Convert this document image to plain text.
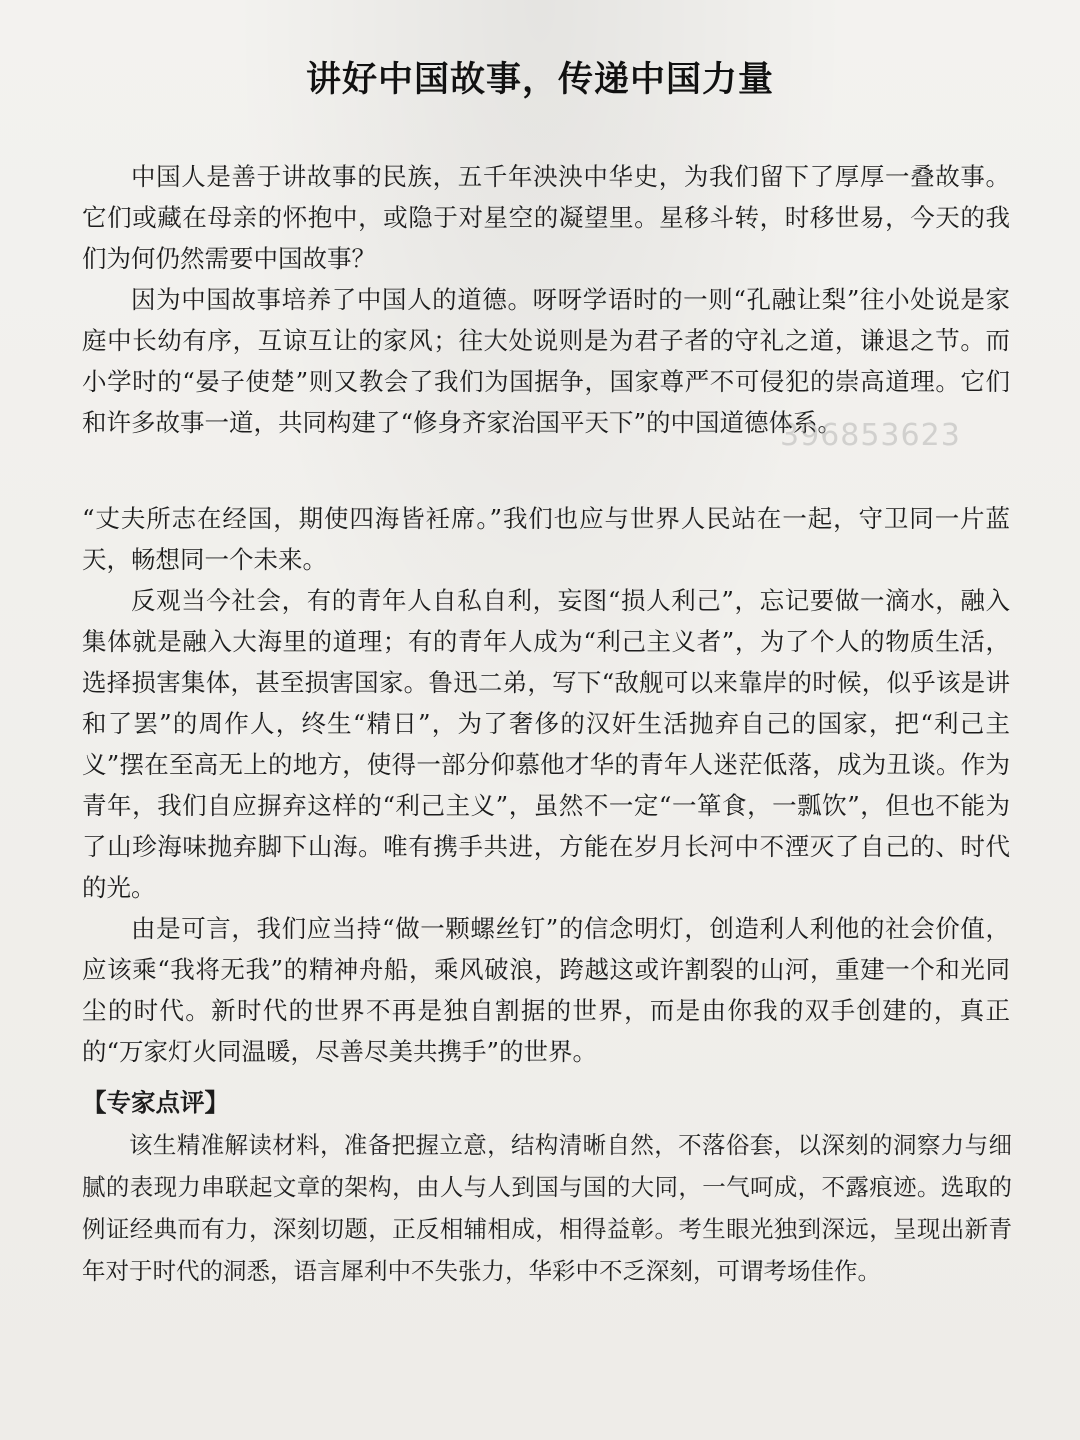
讲好中国故事，传递中国力量

中国人是善于讲故事的民族，五千年泱泱中华史，为我们留下了厚厚一叠故事。它们或藏在母亲的怀抱中，或隐于对星空的凝望里。星移斗转，时移世易，今天的我们为何仍然需要中国故事？

因为中国故事培养了中国人的道德。呀呀学语时的一则“孔融让梨”往小处说是家庭中长幼有序，互谅互让的家风；往大处说则是为君子者的守礼之道，谦退之节。而小学时的“晏子使楚”则又教会了我们为国据争，国家尊严不可侵犯的崇高道理。它们和许多故事一道，共同构建了“修身齐家治国平天下”的中国道德体系。

396853623

“丈夫所志在经国，期使四海皆衽席。”我们也应与世界人民站在一起，守卫同一片蓝天，畅想同一个未来。

反观当今社会，有的青年人自私自利，妄图“损人利己”，忘记要做一滴水，融入集体就是融入大海里的道理；有的青年人成为“利己主义者”，为了个人的物质生活，选择损害集体，甚至损害国家。鲁迅二弟，写下“敌舰可以来靠岸的时候，似乎该是讲和了罢”的周作人，终生“精日”，为了奢侈的汉奸生活抛弃自己的国家，把“利己主义”摆在至高无上的地方，使得一部分仰慕他才华的青年人迷茫低落，成为丑谈。作为青年，我们自应摒弃这样的“利己主义”，虽然不一定“一箪食，一瓢饮”，但也不能为了山珍海味抛弃脚下山海。唯有携手共进，方能在岁月长河中不湮灭了自己的、时代的光。

由是可言，我们应当持“做一颗螺丝钉”的信念明灯，创造利人利他的社会价值，应该乘“我将无我”的精神舟船，乘风破浪，跨越这或许割裂的山河，重建一个和光同尘的时代。新时代的世界不再是独自割据的世界，而是由你我的双手创建的，真正的“万家灯火同温暖，尽善尽美共携手”的世界。

【专家点评】

该生精准解读材料，准备把握立意，结构清晰自然，不落俗套，以深刻的洞察力与细腻的表现力串联起文章的架构，由人与人到国与国的大同，一气呵成，不露痕迹。选取的例证经典而有力，深刻切题，正反相辅相成，相得益彰。考生眼光独到深远，呈现出新青年对于时代的洞悉，语言犀利中不失张力，华彩中不乏深刻，可谓考场佳作。
